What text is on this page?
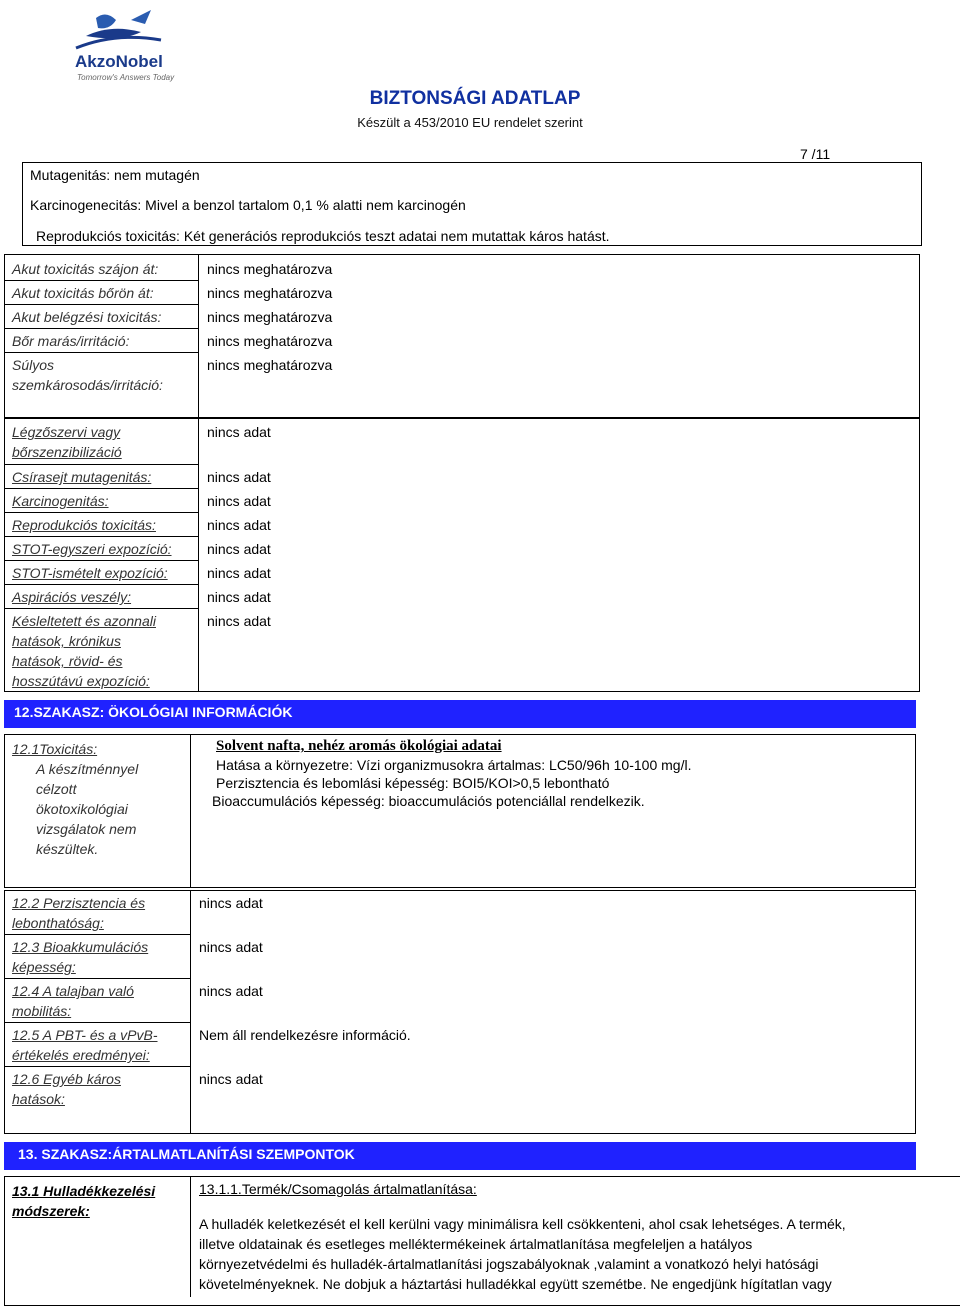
AkzoNobel
Tomorrow's Answers Today
BIZTONSÁGI ADATLAP
Készült a 453/2010 EU rendelet szerint
7 /11
Mutagenitás: nem mutagén
Karcinogenecitás: Mivel a benzol tartalom 0,1 % alatti nem karcinogén
Reprodukciós toxicitás: Két generációs reprodukciós teszt adatai nem mutattak káros hatást.
Akut toxicitás szájon át:
Akut toxicitás bőrön át:
Akut belégzési toxicitás:
Bőr marás/irritáció:
Súlyos
szemkárosodás/irritáció:
nincs meghatározva
nincs meghatározva
nincs meghatározva
nincs meghatározva
nincs meghatározva
Légzőszervi vagy
bőrszenzibilizáció
Csírasejt mutagenitás:
Karcinogenitás:
Reprodukciós toxicitás:
STOT-egyszeri expozíció:
STOT-ismételt expozíció:
Aspirációs veszély:
Késleltetett és azonnali
hatások, krónikus
hatások, rövid- és
hosszútávú expozíció:
nincs adat
nincs adat
nincs adat
nincs adat
nincs adat
nincs adat
nincs adat
nincs adat
12.SZAKASZ: ÖKOLÓGIAI INFORMÁCIÓK
12.1Toxicitás:
A készítménnyel
célzott
ökotoxikológiai
vizsgálatok nem
készültek.
Solvent nafta, nehéz aromás ökológiai adatai
Hatása a környezetre: Vízi organizmusokra ártalmas: LC50/96h 10-100 mg/l.
Perzisztencia és lebomlási képesség: BOI5/KOI>0,5 lebontható
Bioaccumulációs képesség: bioaccumulációs potenciállal rendelkezik.
12.2 Perzisztencia és
lebonthatóság:
nincs adat
12.3 Bioakkumulációs
képesség:
nincs adat
12.4 A talajban való
mobilitás:
nincs adat
12.5 A PBT- és a vPvB-
értékelés eredményei:
Nem áll rendelkezésre információ.
12.6 Egyéb káros
hatások:
nincs adat
13. SZAKASZ:ÁRTALMATLANÍTÁSI SZEMPONTOK
13.1 Hulladékkezelési
módszerek:
13.1.1.Termék/Csomagolás ártalmatlanítása:
A hulladék keletkezését el kell kerülni vagy minimálisra kell csökkenteni, ahol csak lehetséges. A termék,
illetve oldatainak és esetleges melléktermékeinek ártalmatlanítása megfeleljen a hatályos
környezetvédelmi és hulladék-ártalmatlanítási jogszabályoknak ,valamint a vonatkozó helyi hatósági
követelményeknek. Ne dobjuk a háztartási hulladékkal együtt szemétbe. Ne engedjünk hígítatlan vagy
